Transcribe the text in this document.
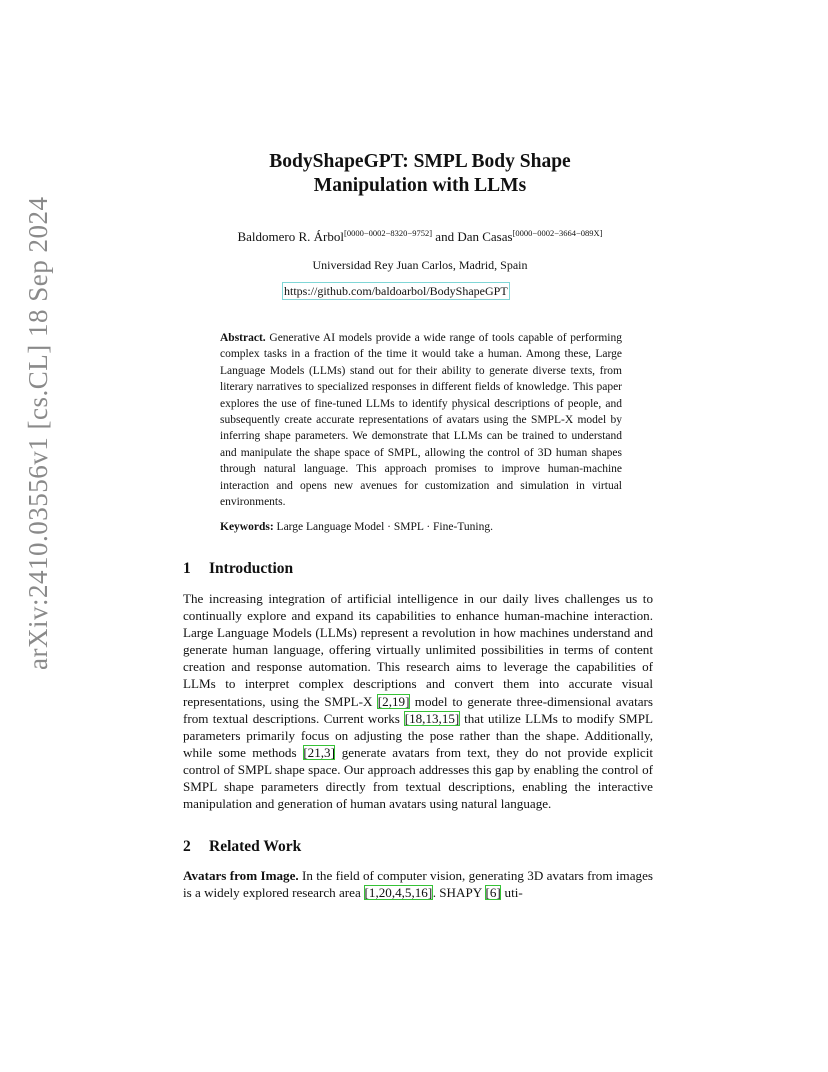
arXiv:2410.03556v1 [cs.CL] 18 Sep 2024
BodyShapeGPT: SMPL Body Shape
Manipulation with LLMs
Baldomero R. Árbol[0000−0002−8320−9752] and Dan Casas[0000−0002−3664−089X]
Universidad Rey Juan Carlos, Madrid, Spain
https://github.com/baldoarbol/BodyShapeGPT
Abstract. Generative AI models provide a wide range of tools capable of performing complex tasks in a fraction of the time it would take a human. Among these, Large Language Models (LLMs) stand out for their ability to generate diverse texts, from literary narratives to specialized responses in different fields of knowledge. This paper explores the use of fine-tuned LLMs to identify physical descriptions of people, and subsequently create accurate representations of avatars using the SMPL-X model by inferring shape parameters. We demonstrate that LLMs can be trained to understand and manipulate the shape space of SMPL, allowing the control of 3D human shapes through natural language. This approach promises to improve human-machine interaction and opens new avenues for customization and simulation in virtual environments.
Keywords: Large Language Model · SMPL · Fine-Tuning.
1 Introduction
The increasing integration of artificial intelligence in our daily lives challenges us to continually explore and expand its capabilities to enhance human-machine interaction. Large Language Models (LLMs) represent a revolution in how machines understand and generate human language, offering virtually unlimited possibilities in terms of content creation and response automation. This research aims to leverage the capabilities of LLMs to interpret complex descriptions and convert them into accurate visual representations, using the SMPL-X [2,19] model to generate three-dimensional avatars from textual descriptions. Current works [18,13,15] that utilize LLMs to modify SMPL parameters primarily focus on adjusting the pose rather than the shape. Additionally, while some methods [21,3] generate avatars from text, they do not provide explicit control of SMPL shape space. Our approach addresses this gap by enabling the control of SMPL shape parameters directly from textual descriptions, enabling the interactive manipulation and generation of human avatars using natural language.
2 Related Work
Avatars from Image. In the field of computer vision, generating 3D avatars from images is a widely explored research area [1,20,4,5,16]. SHAPY [6] uti-
